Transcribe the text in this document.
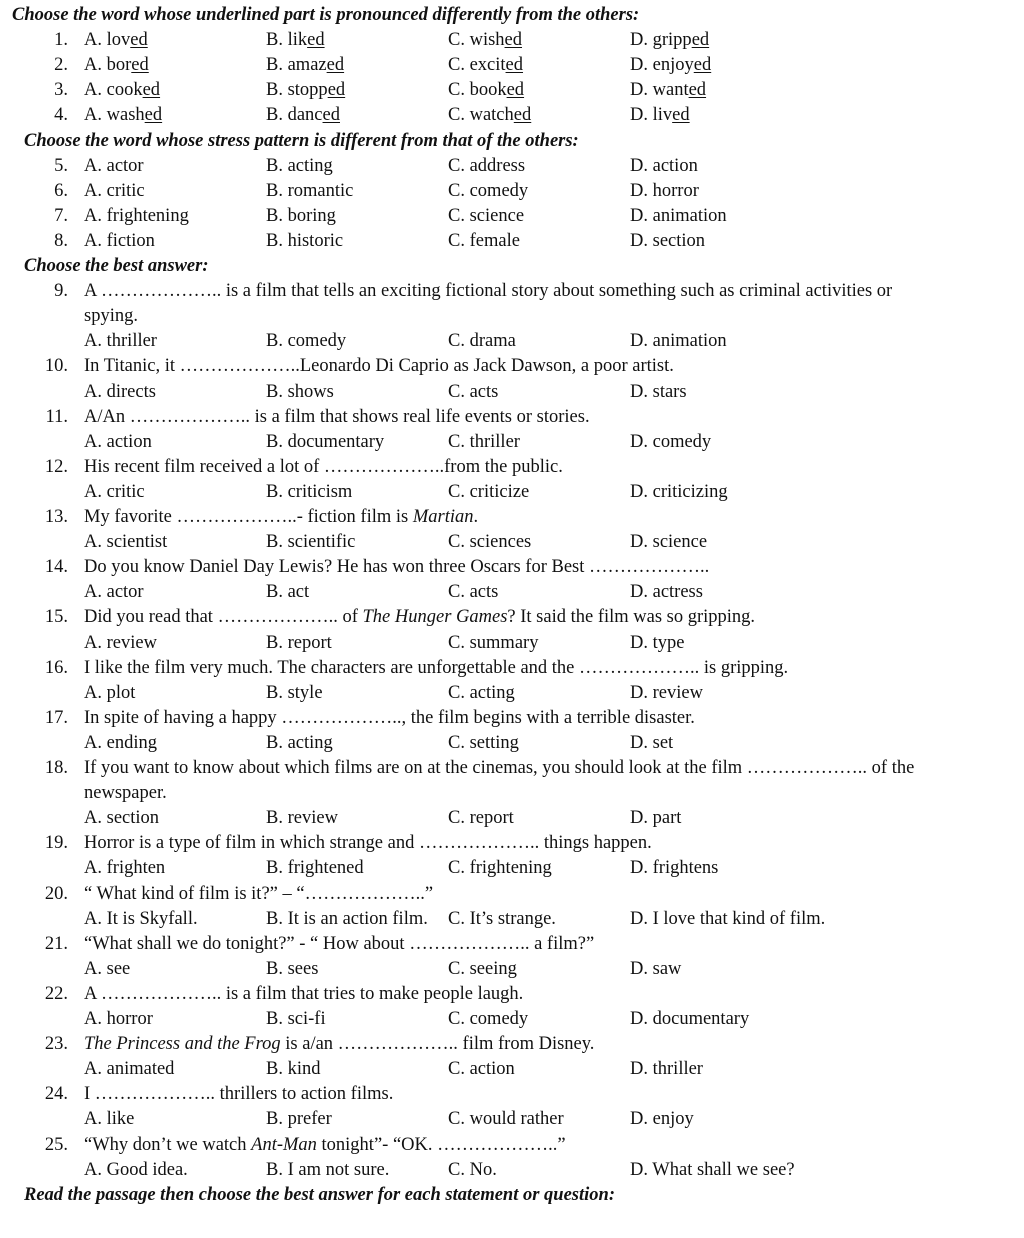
Choose the word whose underlined part is pronounced differently from the others:
1. A. loved	B. liked	C. wished	D. gripped
2. A. bored	B. amazed	C. excited	D. enjoyed
3. A. cooked	B. stopped	C. booked	D. wanted
4. A. washed	B. danced	C. watched	D. lived
Choose the word whose stress pattern is different from that of the others:
5. A. actor	B. acting	C. address	D. action
6. A. critic	B. romantic	C. comedy	D. horror
7. A. frightening	B. boring	C. science	D. animation
8. A. fiction	B. historic	C. female	D. section
Choose the best answer:
9. A ……………….. is a film that tells an exciting fictional story about something such as criminal activities or
spying.
A. thriller	B. comedy	C. drama	D. animation
10. In Titanic, it ………………..Leonardo Di Caprio as Jack Dawson, a poor artist.
A. directs	B. shows	C. acts	D. stars
11. A/An ……………….. is a film that shows real life events or stories.
A. action	B. documentary	C. thriller	D. comedy
12. His recent film received a lot of ………………..from the public.
A. critic	B. criticism	C. criticize	D. criticizing
13. My favorite ………………..- fiction film is Martian.
A. scientist	B. scientific	C. sciences	D. science
14. Do you know Daniel Day Lewis? He has won three Oscars for Best ………………..
A. actor	B. act	C. acts	D. actress
15. Did you read that ……………….. of The Hunger Games? It said the film was so gripping.
A. review	B. report	C. summary	D. type
16. I like the film very much. The characters are unforgettable and the ……………….. is gripping.
A. plot	B. style	C. acting	D. review
17. In spite of having a happy ……………….., the film begins with a terrible disaster.
A. ending	B. acting	C. setting	D. set
18. If you want to know about which films are on at the cinemas, you should look at the film ……………….. of the
newspaper.
A. section	B. review	C. report	D. part
19. Horror is a type of film in which strange and ……………….. things happen.
A. frighten	B. frightened	C. frightening	D. frightens
20. “ What kind of film is it?” – “………………..”
A. It is Skyfall.	B. It is an action film. C. It’s strange.	D. I love that kind of film.
21. “What shall we do tonight?” - “ How about ……………….. a film?”
A. see	B. sees	C. seeing	D. saw
22. A ……………….. is a film that tries to make people laugh.
A. horror	B. sci-fi	C. comedy	D. documentary
23. The Princess and the Frog is a/an ……………….. film from Disney.
A. animated	B. kind	C. action	D. thriller
24. I ……………….. thrillers to action films.
A. like	B. prefer	C. would rather	D. enjoy
25. “Why don’t we watch Ant-Man tonight”- “OK. ………………..”
A. Good idea.	B. I am not sure.	C. No.	D. What shall we see?
Read the passage then choose the best answer for each statement or question:
